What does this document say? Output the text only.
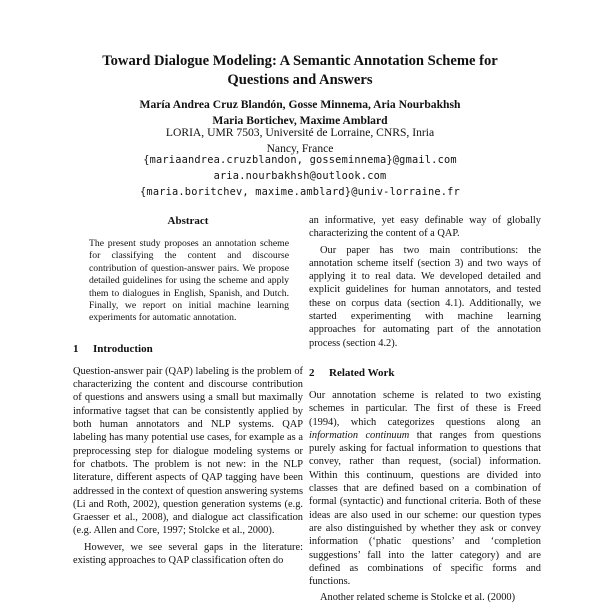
Toward Dialogue Modeling: A Semantic Annotation Scheme for
Questions and Answers
María Andrea Cruz Blandón, Gosse Minnema, Aria Nourbakhsh
Maria Bortichev, Maxime Amblard
LORIA, UMR 7503, Université de Lorraine, CNRS, Inria
Nancy, France
{mariaandrea.cruzblandon, gosseminnema}@gmail.com
aria.nourbakhsh@outlook.com
{maria.boritchev, maxime.amblard}@univ-lorraine.fr
Abstract

The present study proposes an annotation scheme for classifying the content and discourse contribution of question-answer pairs. We propose detailed guidelines for using the scheme and apply them to dialogues in English, Spanish, and Dutch. Finally, we report on initial machine learning experiments for automatic annotation.

1 Introduction

Question-answer pair (QAP) labeling is the problem of characterizing the content and discourse contribution of questions and answers using a small but maximally informative tagset that can be consistently applied by both human annotators and NLP systems. QAP labeling has many potential use cases, for example as a preprocessing step for dialogue modeling systems or for chatbots. The problem is not new: in the NLP literature, different aspects of QAP tagging have been addressed in the context of question answering systems (Li and Roth, 2002), question generation systems (e.g. Graesser et al., 2008), and dialogue act classification (e.g. Allen and Core, 1997; Stolcke et al., 2000).

However, we see several gaps in the literature: existing approaches to QAP classification often do

an informative, yet easy definable way of globally characterizing the content of a QAP.

Our paper has two main contributions: the annotation scheme itself (section 3) and two ways of applying it to real data. We developed detailed and explicit guidelines for human annotators, and tested these on corpus data (section 4.1). Additionally, we started experimenting with machine learning approaches for automating part of the annotation process (section 4.2).

2 Related Work

Our annotation scheme is related to two existing schemes in particular. The first of these is Freed (1994), which categorizes questions along an information continuum that ranges from questions purely asking for factual information to questions that convey, rather than request, (social) information. Within this continuum, questions are divided into classes that are defined based on a combination of formal (syntactic) and functional criteria. Both of these ideas are also used in our scheme: our question types are also distinguished by whether they ask or convey information (‘phatic questions’ and ‘completion suggestions’ fall into the latter category) and are defined as combinations of specific forms and functions.

Another related scheme is Stolcke et al. (2000)
